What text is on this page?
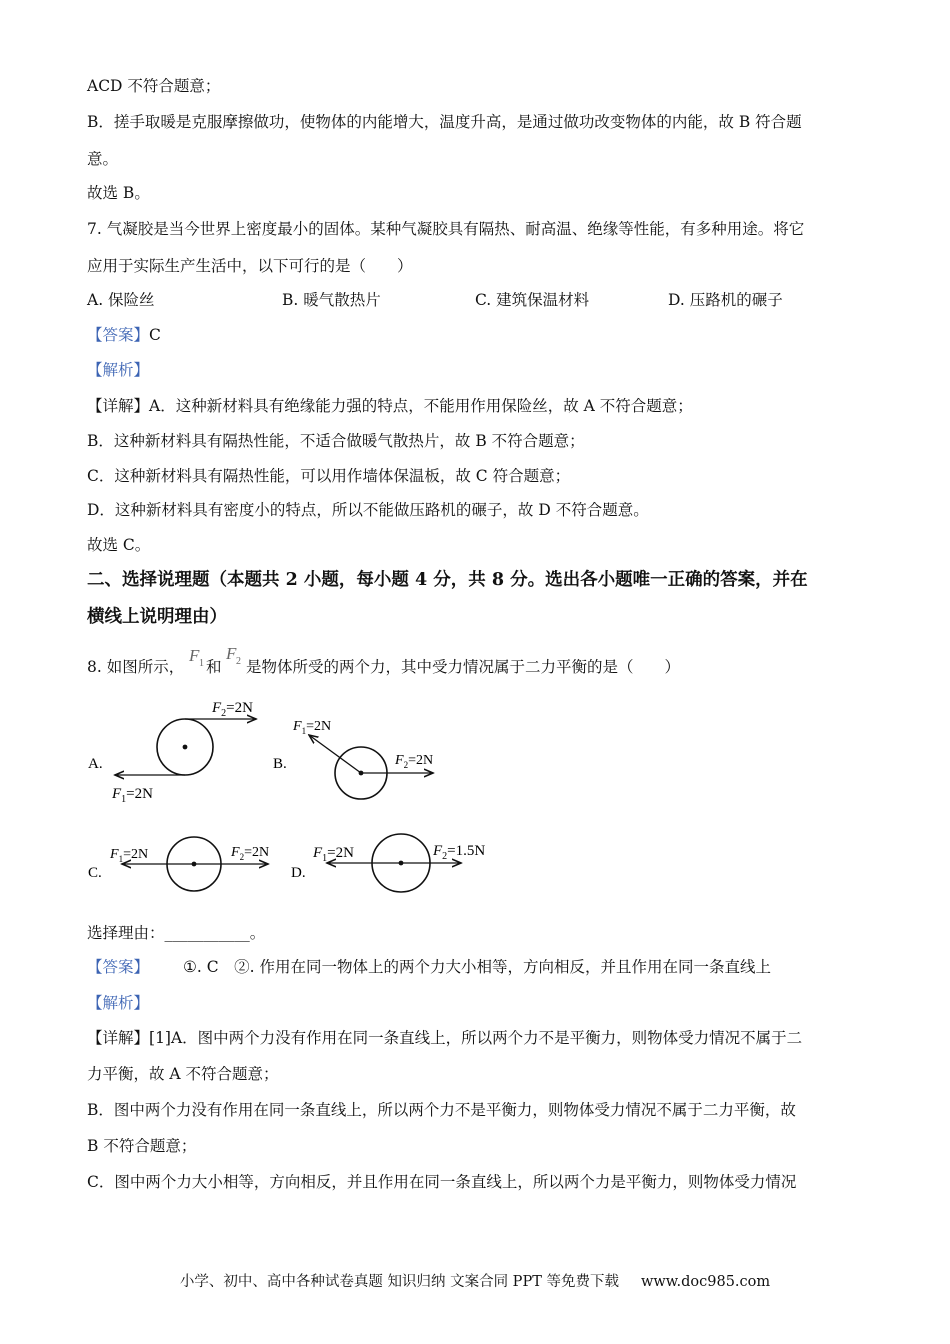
ACD 不符合题意；
B．搓手取暖是克服摩擦做功，使物体的内能增大，温度升高，是通过做功改变物体的内能，故 B 符合题
意。
故选 B。
7. 气凝胶是当今世界上密度最小的固体。某种气凝胶具有隔热、耐高温、绝缘等性能，有多种用途。将它
应用于实际生产生活中，以下可行的是（　　）
A. 保险丝	B. 暖气散热片	C. 建筑保温材料	D. 压路机的碾子
【答案】C
【解析】
【详解】A．这种新材料具有绝缘能力强的特点，不能用作用保险丝，故 A 不符合题意；
B．这种新材料具有隔热性能，不适合做暖气散热片，故 B 不符合题意；
C．这种新材料具有隔热性能，可以用作墙体保温板，故 C 符合题意；
D．这种新材料具有密度小的特点，所以不能做压路机的碾子，故 D 不符合题意。
故选 C。
二、选择说理题（本题共 2 小题，每小题 4 分，共 8 分。选出各小题唯一正确的答案，并在
横线上说明理由）
8. 如图所示， 和 是物体所受的两个力，其中受力情况属于二力平衡的是（　　）
F 1
F 2
A.
$F_2=2N$
$F_1=2N$
B.
$F_1=2N$
$F_2=2N$
C.
$F_1=2N$	$F_2=2N$
D.
$F_1=2N$	$F_2=1.5N$
选择理由：___________。
【答案】 ①. C　②. 作用在同一物体上的两个力大小相等，方向相反，并且作用在同一条直线上
【解析】
【详解】[1]A．图中两个力没有作用在同一条直线上，所以两个力不是平衡力，则物体受力情况不属于二
力平衡，故 A 不符合题意；
B．图中两个力没有作用在同一条直线上，所以两个力不是平衡力，则物体受力情况不属于二力平衡，故
B 不符合题意；
C．图中两个力大小相等，方向相反，并且作用在同一条直线上，所以两个力是平衡力，则物体受力情况
小学、初中、高中各种试卷真题 知识归纳 文案合同 PPT 等免费下载 www.doc985.com
